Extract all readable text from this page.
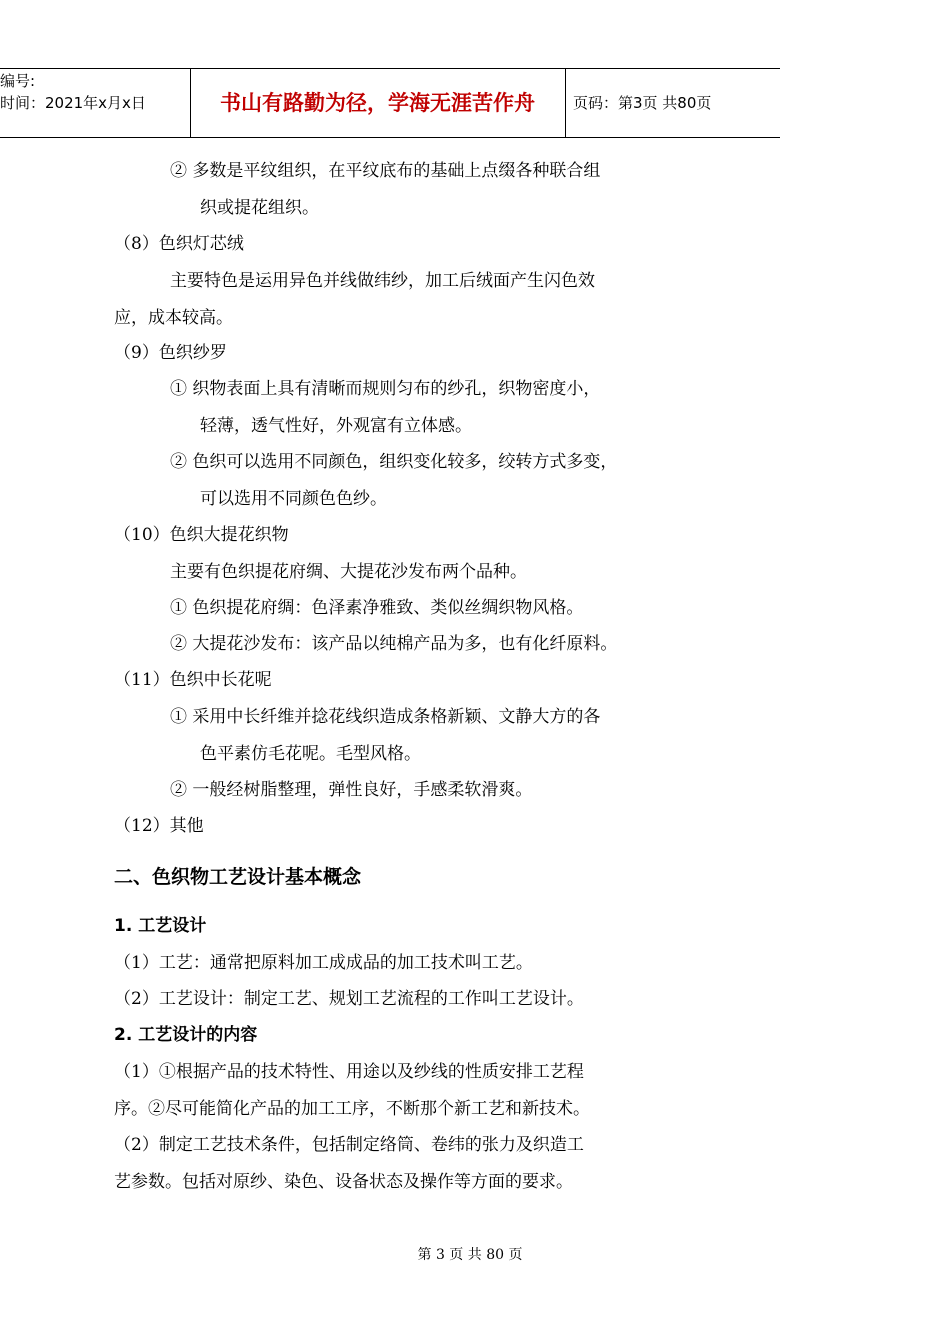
编号:
时间：2021年x月x日	书山有路勤为径，学海无涯苦作舟	页码：第3页 共80页
② 多数是平纹组织，在平纹底布的基础上点缀各种联合组
织或提花组织。
（8）色织灯芯绒
主要特色是运用异色并线做纬纱，加工后绒面产生闪色效
应，成本较高。
（9）色织纱罗
① 织物表面上具有清晰而规则匀布的纱孔，织物密度小，
轻薄，透气性好，外观富有立体感。
② 色织可以选用不同颜色，组织变化较多，绞转方式多变，
可以选用不同颜色色纱。
（10）色织大提花织物
主要有色织提花府绸、大提花沙发布两个品种。
① 色织提花府绸：色泽素净雅致、类似丝绸织物风格。
② 大提花沙发布：该产品以纯棉产品为多，也有化纤原料。
（11）色织中长花呢
① 采用中长纤维并捻花线织造成条格新颖、文静大方的各
色平素仿毛花呢。毛型风格。
② 一般经树脂整理，弹性良好，手感柔软滑爽。
（12）其他
二、色织物工艺设计基本概念
1. 工艺设计
（1）工艺：通常把原料加工成成品的加工技术叫工艺。
（2）工艺设计：制定工艺、规划工艺流程的工作叫工艺设计。
2. 工艺设计的内容
（1）①根据产品的技术特性、用途以及纱线的性质安排工艺程
序。②尽可能简化产品的加工工序，不断那个新工艺和新技术。
（2）制定工艺技术条件，包括制定络筒、卷纬的张力及织造工
艺参数。包括对原纱、染色、设备状态及操作等方面的要求。
第 3 页 共 80 页
